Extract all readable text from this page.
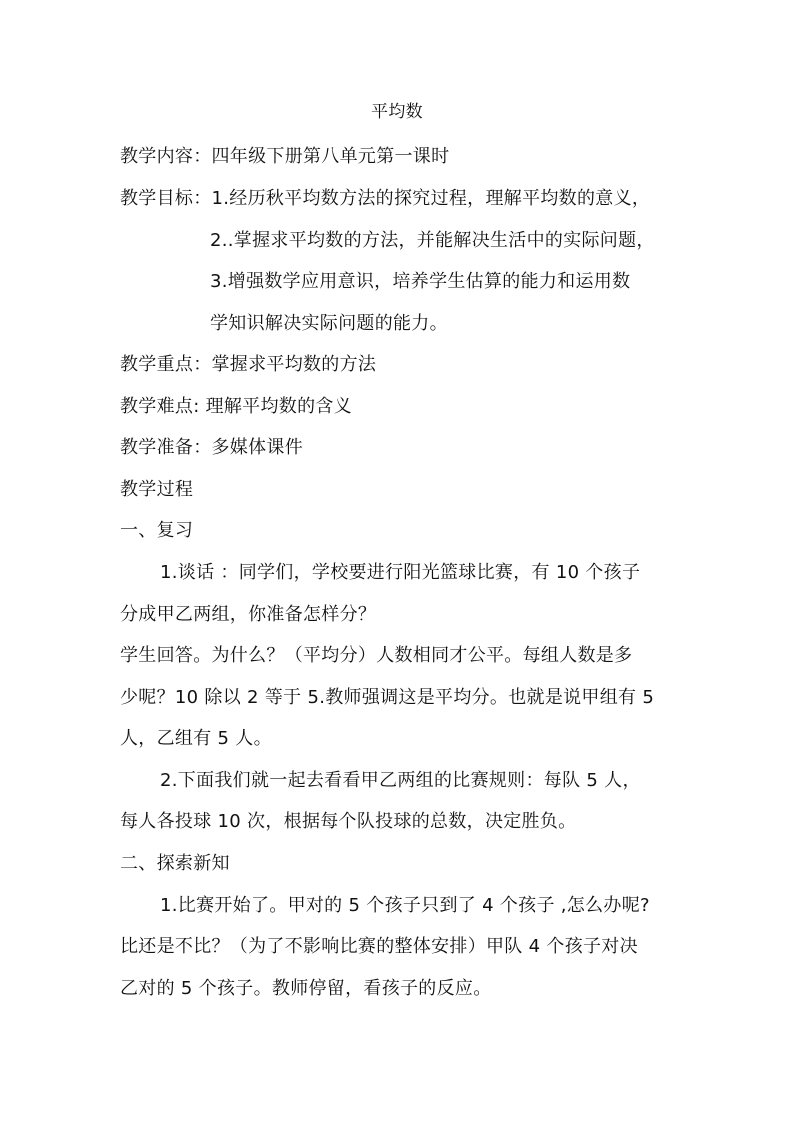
平均数
教学内容：四年级下册第八单元第一课时
教学目标：1.经历秋平均数方法的探究过程，理解平均数的意义，
2..掌握求平均数的方法，并能解决生活中的实际问题，
3.增强数学应用意识，培养学生估算的能力和运用数
学知识解决实际问题的能力。
教学重点：掌握求平均数的方法
教学难点: 理解平均数的含义
教学准备：多媒体课件
教学过程
一、复习
1.谈话 ：同学们，学校要进行阳光篮球比赛，有 10 个孩子
分成甲乙两组，你准备怎样分？
学生回答。为什么？（平均分）人数相同才公平。每组人数是多
少呢？10 除以 2 等于 5.教师强调这是平均分。也就是说甲组有 5
人，乙组有 5 人。
2.下面我们就一起去看看甲乙两组的比赛规则：每队 5 人，
每人各投球 10 次，根据每个队投球的总数，决定胜负。
二、探索新知
1.比赛开始了。甲对的 5 个孩子只到了 4 个孩子 ,怎么办呢?
比还是不比？（为了不影响比赛的整体安排）甲队 4 个孩子对决
乙对的 5 个孩子。教师停留，看孩子的反应。
